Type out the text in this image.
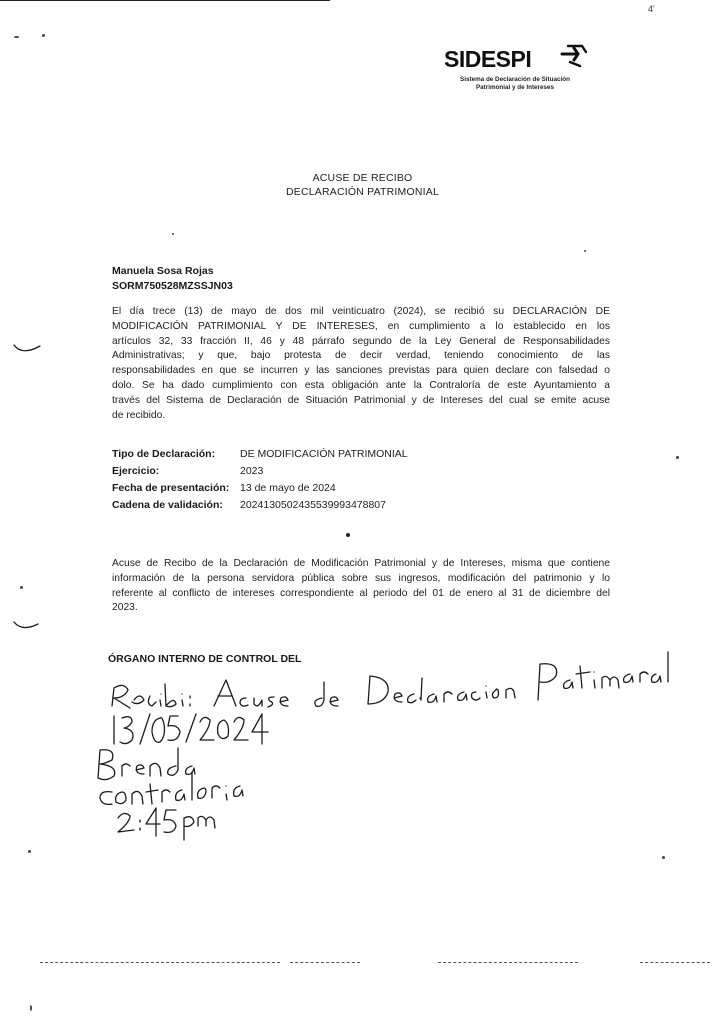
4'
SIDESPI
Sistema de Declaración de Situación
Patrimonial y de Intereses
ACUSE DE RECIBO
DECLARACIÓN PATRIMONIAL
Manuela Sosa Rojas
SORM750528MZSSJN03
El día trece (13) de mayo de dos mil veinticuatro (2024), se recibió su DECLARACIÓN DE
MODIFICACIÓN PATRIMONIAL Y DE INTERESES, en cumplimiento a lo establecido en los
artículos 32, 33 fracción II, 46 y 48 párrafo segundo de la Ley General de Responsabilidades
Administrativas; y que, bajo protesta de decir verdad, teniendo conocimiento de las
responsabilidades en que se incurren y las sanciones previstas para quien declare con falsedad o
dolo. Se ha dado cumplimiento con esta obligación ante la Contraloría de este Ayuntamiento a
través del Sistema de Declaración de Situación Patrimonial y de Intereses del cual se emite acuse
de recibido.
Tipo de Declaración: DE MODIFICACIÓN PATRIMONIAL
Ejercicio:	2023
Fecha de presentación: 13 de mayo de 2024
Cadena de validación: 20241305024355399934​78807
Acuse de Recibo de la Declaración de Modificación Patrimonial y de Intereses, misma que contiene
información de la persona servidora pública sobre sus ingresos, modificación del patrimonio y lo
referente al conflicto de intereses correspondiente al periodo del 01 de enero al 31 de diciembre del
2023.
ÓRGANO INTERNO DE CONTROL DEL
